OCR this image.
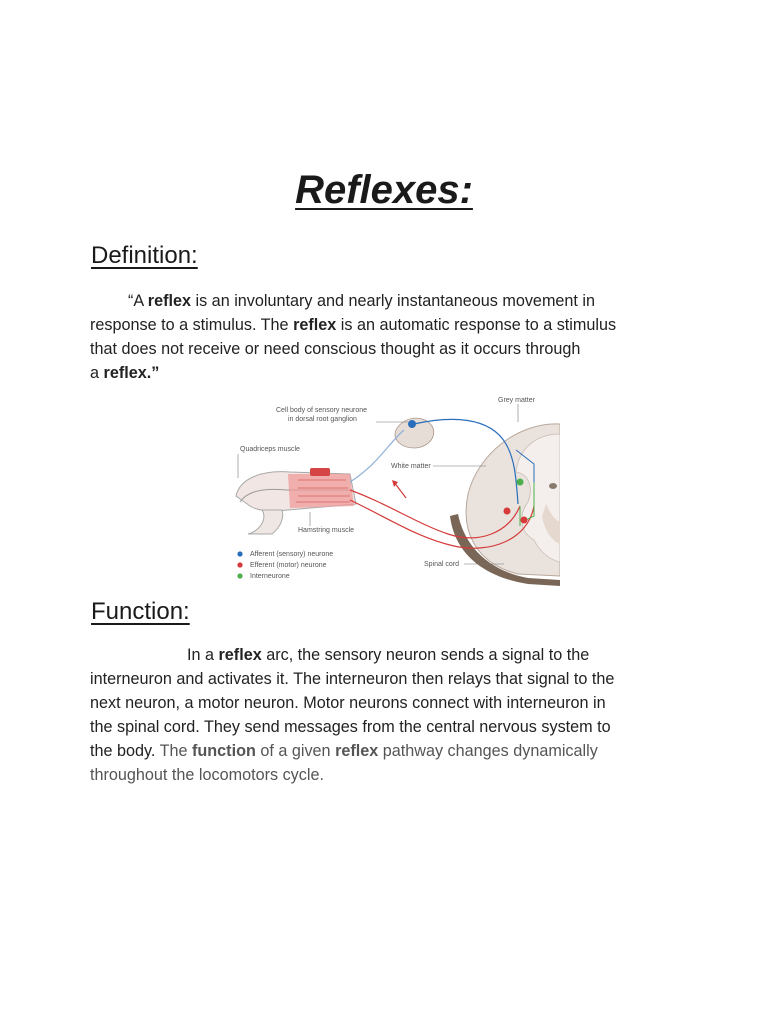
Reflexes:
Definition:

“A reflex is an involuntary and nearly instantaneous movement in
response to a stimulus. The reflex is an automatic response to a stimulus
that does not receive or need conscious thought as it occurs through
a reflex.”

Cell body of sensory neurone
in dorsal root ganglion
Grey matter
Quadriceps muscle
White matter
Hamstring muscle
Spinal cord
Afferent (sensory) neurone
Efferent (motor) neurone
Interneurone
Function:

In a reflex arc, the sensory neuron sends a signal to the
interneuron and activates it. The interneuron then relays that signal to the
next neuron, a motor neuron. Motor neurons connect with interneuron in
the spinal cord. They send messages from the central nervous system to
the body. The function of a given reflex pathway changes dynamically
throughout the locomotors cycle.
